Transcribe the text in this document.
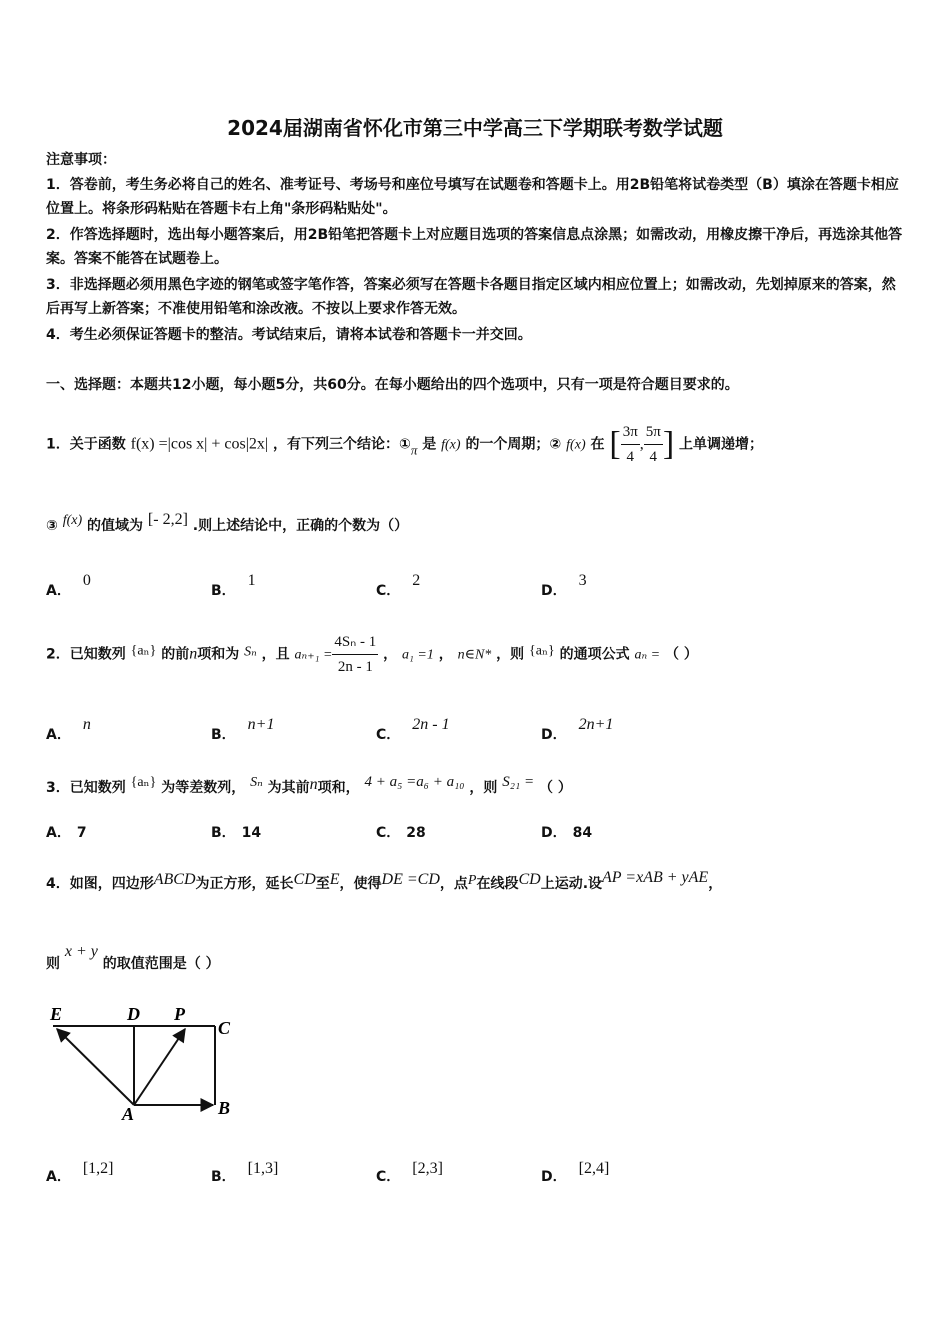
2024届湖南省怀化市第三中学高三下学期联考数学试题
注意事项：
1．答卷前，考生务必将自己的姓名、准考证号、考场号和座位号填写在试题卷和答题卡上。用2B铅笔将试卷类型（B）填涂在答题卡相应位置上。将条形码粘贴在答题卡右上角"条形码粘贴处"。
2．作答选择题时，选出每小题答案后，用2B铅笔把答题卡上对应题目选项的答案信息点涂黑；如需改动，用橡皮擦干净后，再选涂其他答案。答案不能答在试题卷上。
3．非选择题必须用黑色字迹的钢笔或签字笔作答，答案必须写在答题卡各题目指定区域内相应位置上；如需改动，先划掉原来的答案，然后再写上新答案；不准使用铅笔和涂改液。不按以上要求作答无效。
4．考生必须保证答题卡的整洁。考试结束后，请将本试卷和答题卡一并交回。
一、选择题：本题共12小题，每小题5分，共60分。在每小题给出的四个选项中，只有一项是符合题目要求的。
1．关于函数 f(x) =|cos x| + cos|2x| ，有下列三个结论：①π 是 f(x) 的一个周期；② f(x) 在 [ $\frac{3\pi}{4}$ , $\frac{5\pi}{4}$ ] 上单调递增；
③ f(x) 的值域为 [- 2,2] .则上述结论中，正确的个数为（）
A．0
B．1
C．2
D．3
2．已知数列 {aₙ} 的前n项和为 Sₙ ，且 $a_{n+1} = \frac{\text{4Sₙ - 1}}{2n - 1}$ ， a₁ =1 ， n∈N* ，则 {aₙ} 的通项公式 aₙ = （ ）
A．n
B．n+1
C．2n - 1
D．2n+1
3．已知数列 {aₙ} 为等差数列， Sₙ 为其前n项和， 4 + a₅ =a₆ + a₁₀ ，则 S₂₁ = （ ）
A． 7	B． 14	C． 28	D． 84
4．如图，四边形ABCD为正方形，延长CD至E，使得DE =CD，点P在线段CD上运动.设AP =xAB + yAE，
则 x + y 的取值范围是（ ）
E	D P
C
A	B
A． [1,2]	B． [1,3]	C． [2,3]	D． [2,4]
